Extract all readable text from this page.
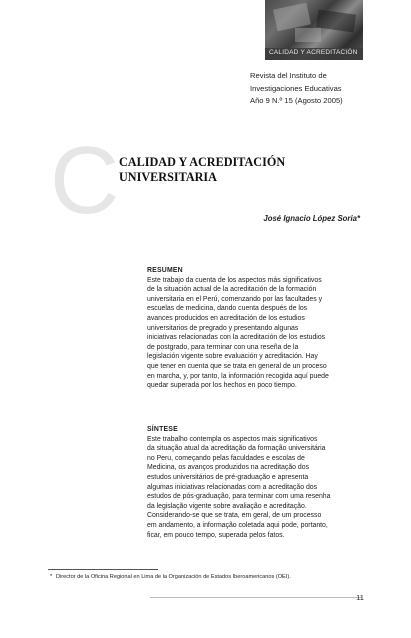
CALIDAD Y ACREDITACIÓN
Revista del Instituto de
Investigaciones Educativas
Año 9 N.º 15 (Agosto 2005)
C CALIDAD Y ACREDITACIÓN
UNIVERSITARIA
José Ignacio López Soria*
RESUMEN
Este trabajo da cuenta de los aspectos más significativos
de la situación actual de la acreditación de la formación
universitaria en el Perú, comenzando por las facultades y
escuelas de medicina, dando cuenta después de los
avances producidos en acreditación de los estudios
universitarios de pregrado y presentando algunas
iniciativas relacionadas con la acreditación de los estudios
de postgrado, para terminar con una reseña de la
legislación vigente sobre evaluación y acreditación. Hay
que tener en cuenta que se trata en general de un proceso
en marcha, y, por tanto, la información recogida aquí puede
quedar superada por los hechos en poco tiempo.
SÍNTESE
Este trabalho contempla os aspectos mais significativos
da situação atual da acreditação da formação universitária
no Peru, começando pelas faculdades e escolas de
Medicina, os avanços produzidos na acreditação dos
estudos universitários de pré-graduação e apresenta
algumas iniciativas relacionadas com a acreditação dos
estudos de pós-graduação, para terminar com uma resenha
da legislação vigente sobre avaliação e acreditação.
Considerando-se que se trata, em geral, de um processo
em andamento, a informação coletada aqui pode, portanto,
ficar, em pouco tempo, superada pelos fatos.
* Director de la Oficina Regional en Lima de la Organización de Estados Iberoamericanos (OEI).
11
